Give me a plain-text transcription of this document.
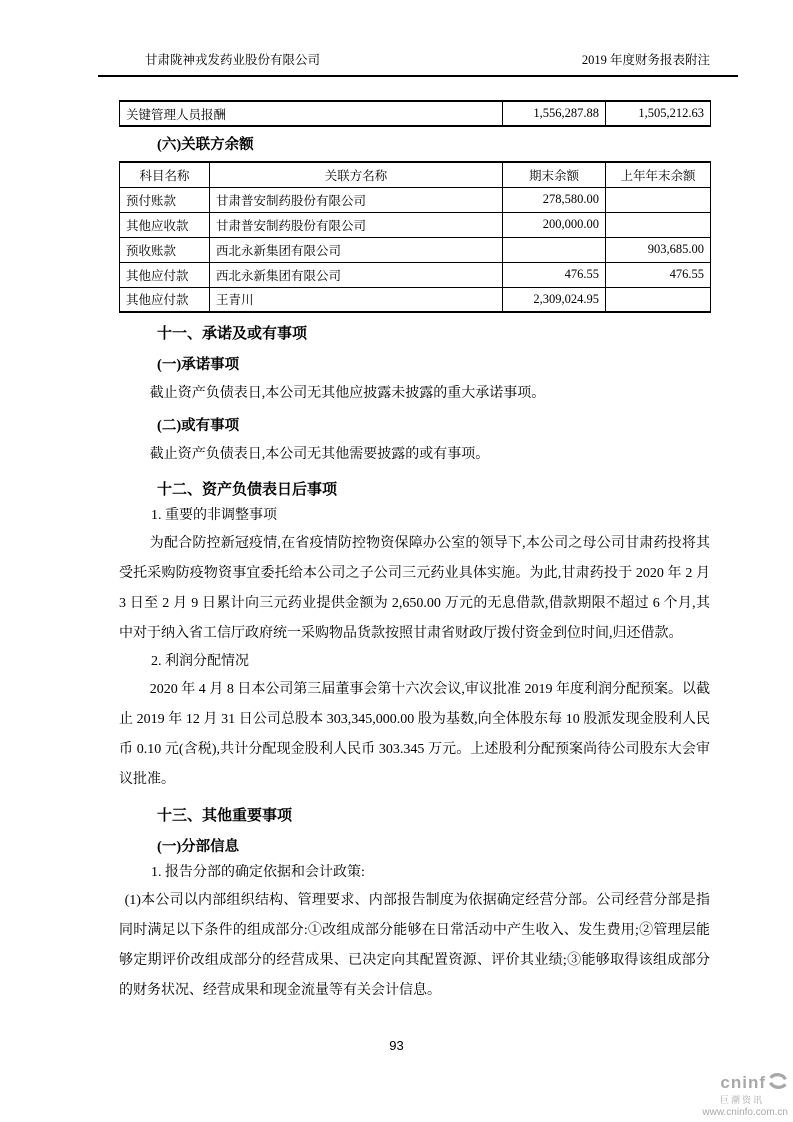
甘肃陇神戎发药业股份有限公司	2019 年度财务报表附注
关键管理人员报酬	1,556,287.88	1,505,212.63
(六)关联方余额
科目名称	关联方名称	期末余额	上年年末余额
预付账款	甘肃普安制药股份有限公司	278,580.00	
其他应收款	甘肃普安制药股份有限公司	200,000.00	
预收账款	西北永新集团有限公司		903,685.00
其他应付款	西北永新集团有限公司	476.55	476.55
其他应付款	王青川	2,309,024.95	
十一、承诺及或有事项
(一)承诺事项

截止资产负债表日,本公司无其他应披露未披露的重大承诺事项。

(二)或有事项

截止资产负债表日,本公司无其他需要披露的或有事项。

十二、资产负债表日后事项
1. 重要的非调整事项

为配合防控新冠疫情,在省疫情防控物资保障办公室的领导下,本公司之母公司甘肃药投将其受托采购防疫物资事宜委托给本公司之子公司三元药业具体实施。为此,甘肃药投于 2020 年 2 月 3 日至 2 月 9 日累计向三元药业提供金额为 2,650.00 万元的无息借款,借款期限不超过 6 个月,其中对于纳入省工信厅政府统一采购物品货款按照甘肃省财政厅拨付资金到位时间,归还借款。

2. 利润分配情况

2020 年 4 月 8 日本公司第三届董事会第十六次会议,审议批准 2019 年度利润分配预案。以截止 2019 年 12 月 31 日公司总股本 303,345,000.00 股为基数,向全体股东每 10 股派发现金股利人民币 0.10 元(含税),共计分配现金股利人民币 303.345 万元。上述股利分配预案尚待公司股东大会审议批准。

十三、其他重要事项
(一)分部信息
1. 报告分部的确定依据和会计政策:

(1)本公司以内部组织结构、管理要求、内部报告制度为依据确定经营分部。公司经营分部是指同时满足以下条件的组成部分:①改组成部分能够在日常活动中产生收入、发生费用;②管理层能够定期评价改组成部分的经营成果、已决定向其配置资源、评价其业绩;③能够取得该组成部分的财务状况、经营成果和现金流量等有关会计信息。

93
cninf
巨潮资讯
www.cninfo.com.cn
